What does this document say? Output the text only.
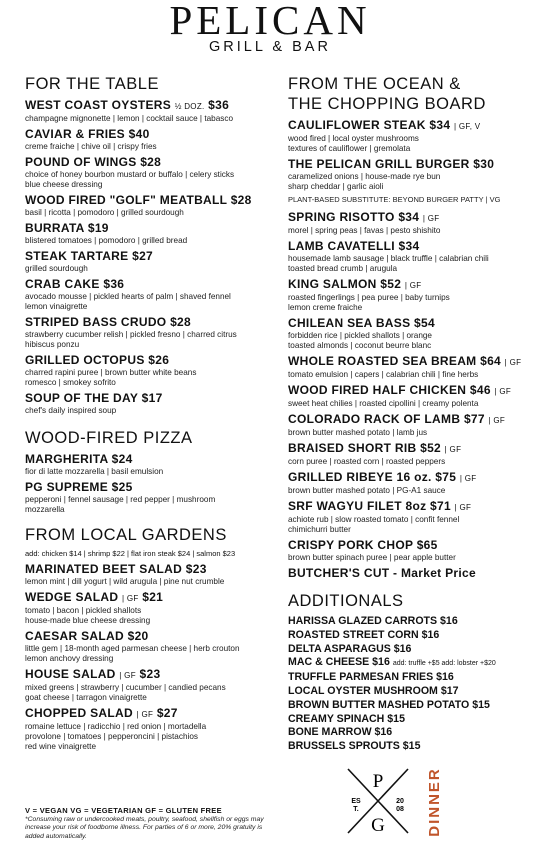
PELICAN
GRILL & BAR
FOR THE TABLE
WEST COAST OYSTERS ½ DOZ. $36
champagne mignonette | lemon | cocktail sauce | tabasco
CAVIAR & FRIES $40
creme fraiche | chive oil | crispy fries
POUND OF WINGS $28
choice of honey bourbon mustard or buffalo | celery sticks
blue cheese dressing
WOOD FIRED "GOLF" MEATBALL $28
basil | ricotta | pomodoro | grilled sourdough
BURRATA $19
blistered tomatoes | pomodoro | grilled bread
STEAK TARTARE $27
grilled sourdough
CRAB CAKE $36
avocado mousse | pickled hearts of palm | shaved fennel
lemon vinaigrette
STRIPED BASS CRUDO $28
strawberry cucumber relish | pickled fresno | charred citrus
hibiscus ponzu
GRILLED OCTOPUS $26
charred rapini puree | brown butter white beans
romesco | smokey sofrito
SOUP OF THE DAY $17
chef's daily inspired soup
WOOD-FIRED PIZZA
MARGHERITA $24
fior di latte mozzarella | basil emulsion
PG SUPREME $25
pepperoni | fennel sausage | red pepper | mushroom
mozzarella
FROM LOCAL GARDENS
add: chicken $14 | shrimp $22 | flat iron steak $24 | salmon $23
MARINATED BEET SALAD $23
lemon mint | dill yogurt | wild arugula | pine nut crumble
WEDGE SALAD | GF $21
tomato | bacon | pickled shallots
house-made blue cheese dressing
CAESAR SALAD $20
little gem | 18-month aged parmesan cheese | herb crouton
lemon anchovy dressing
HOUSE SALAD | GF $23
mixed greens | strawberry | cucumber | candied pecans
goat cheese | tarragon vinaigrette
CHOPPED SALAD | GF $27
romaine lettuce | radicchio | red onion | mortadella
provolone | tomatoes | pepperoncini | pistachios
red wine vinaigrette
FROM THE OCEAN &
THE CHOPPING BOARD
CAULIFLOWER STEAK $34 | GF, V
wood fired | local oyster mushrooms
textures of cauliflower | gremolata
THE PELICAN GRILL BURGER $30
caramelized onions | house-made rye bun
sharp cheddar | garlic aioli
PLANT-BASED SUBSTITUTE: BEYOND BURGER PATTY | VG
SPRING RISOTTO $34 | GF
morel | spring peas | favas | pesto shishito
LAMB CAVATELLI $34
housemade lamb sausage | black truffle | calabrian chili
toasted bread crumb | arugula
KING SALMON $52 | GF
roasted fingerlings | pea puree | baby turnips
lemon creme fraiche
CHILEAN SEA BASS $54
forbidden rice | pickled shallots | orange
toasted almonds | coconut beurre blanc
WHOLE ROASTED SEA BREAM $64 | GF
tomato emulsion | capers | calabrian chili | fine herbs
WOOD FIRED HALF CHICKEN $46 | GF
sweet heat chilies | roasted cipollini | creamy polenta
COLORADO RACK OF LAMB $77 | GF
brown butter mashed potato | lamb jus
BRAISED SHORT RIB $52 | GF
corn puree | roasted corn | roasted peppers
GRILLED RIBEYE 16 oz. $75 | GF
brown butter mashed potato | PG-A1 sauce
SRF WAGYU FILET 8oz $71 | GF
achiote rub | slow roasted tomato | confit fennel
chimichurri butter
CRISPY PORK CHOP $65
brown butter spinach puree | pear apple butter
BUTCHER'S CUT - Market Price
ADDITIONALS
HARISSA GLAZED CARROTS $16
ROASTED STREET CORN $16
DELTA ASPARAGUS $16
MAC & CHEESE $16 add: truffle +$5 add: lobster +$20
TRUFFLE PARMESAN FRIES $16
LOCAL OYSTER MUSHROOM $17
BROWN BUTTER MASHED POTATO $15
CREAMY SPINACH $15
BONE MARROW $16
BRUSSELS SPROUTS $15
V = VEGAN VG = VEGETARIAN GF = GLUTEN FREE
*Consuming raw or undercooked meats, poultry, seafood, shellfish or eggs may increase your risk of foodborne illness. For parties of 6 or more, 20% gratuity is added automatically.
P
G
ES
T.
20
08 DINNER
